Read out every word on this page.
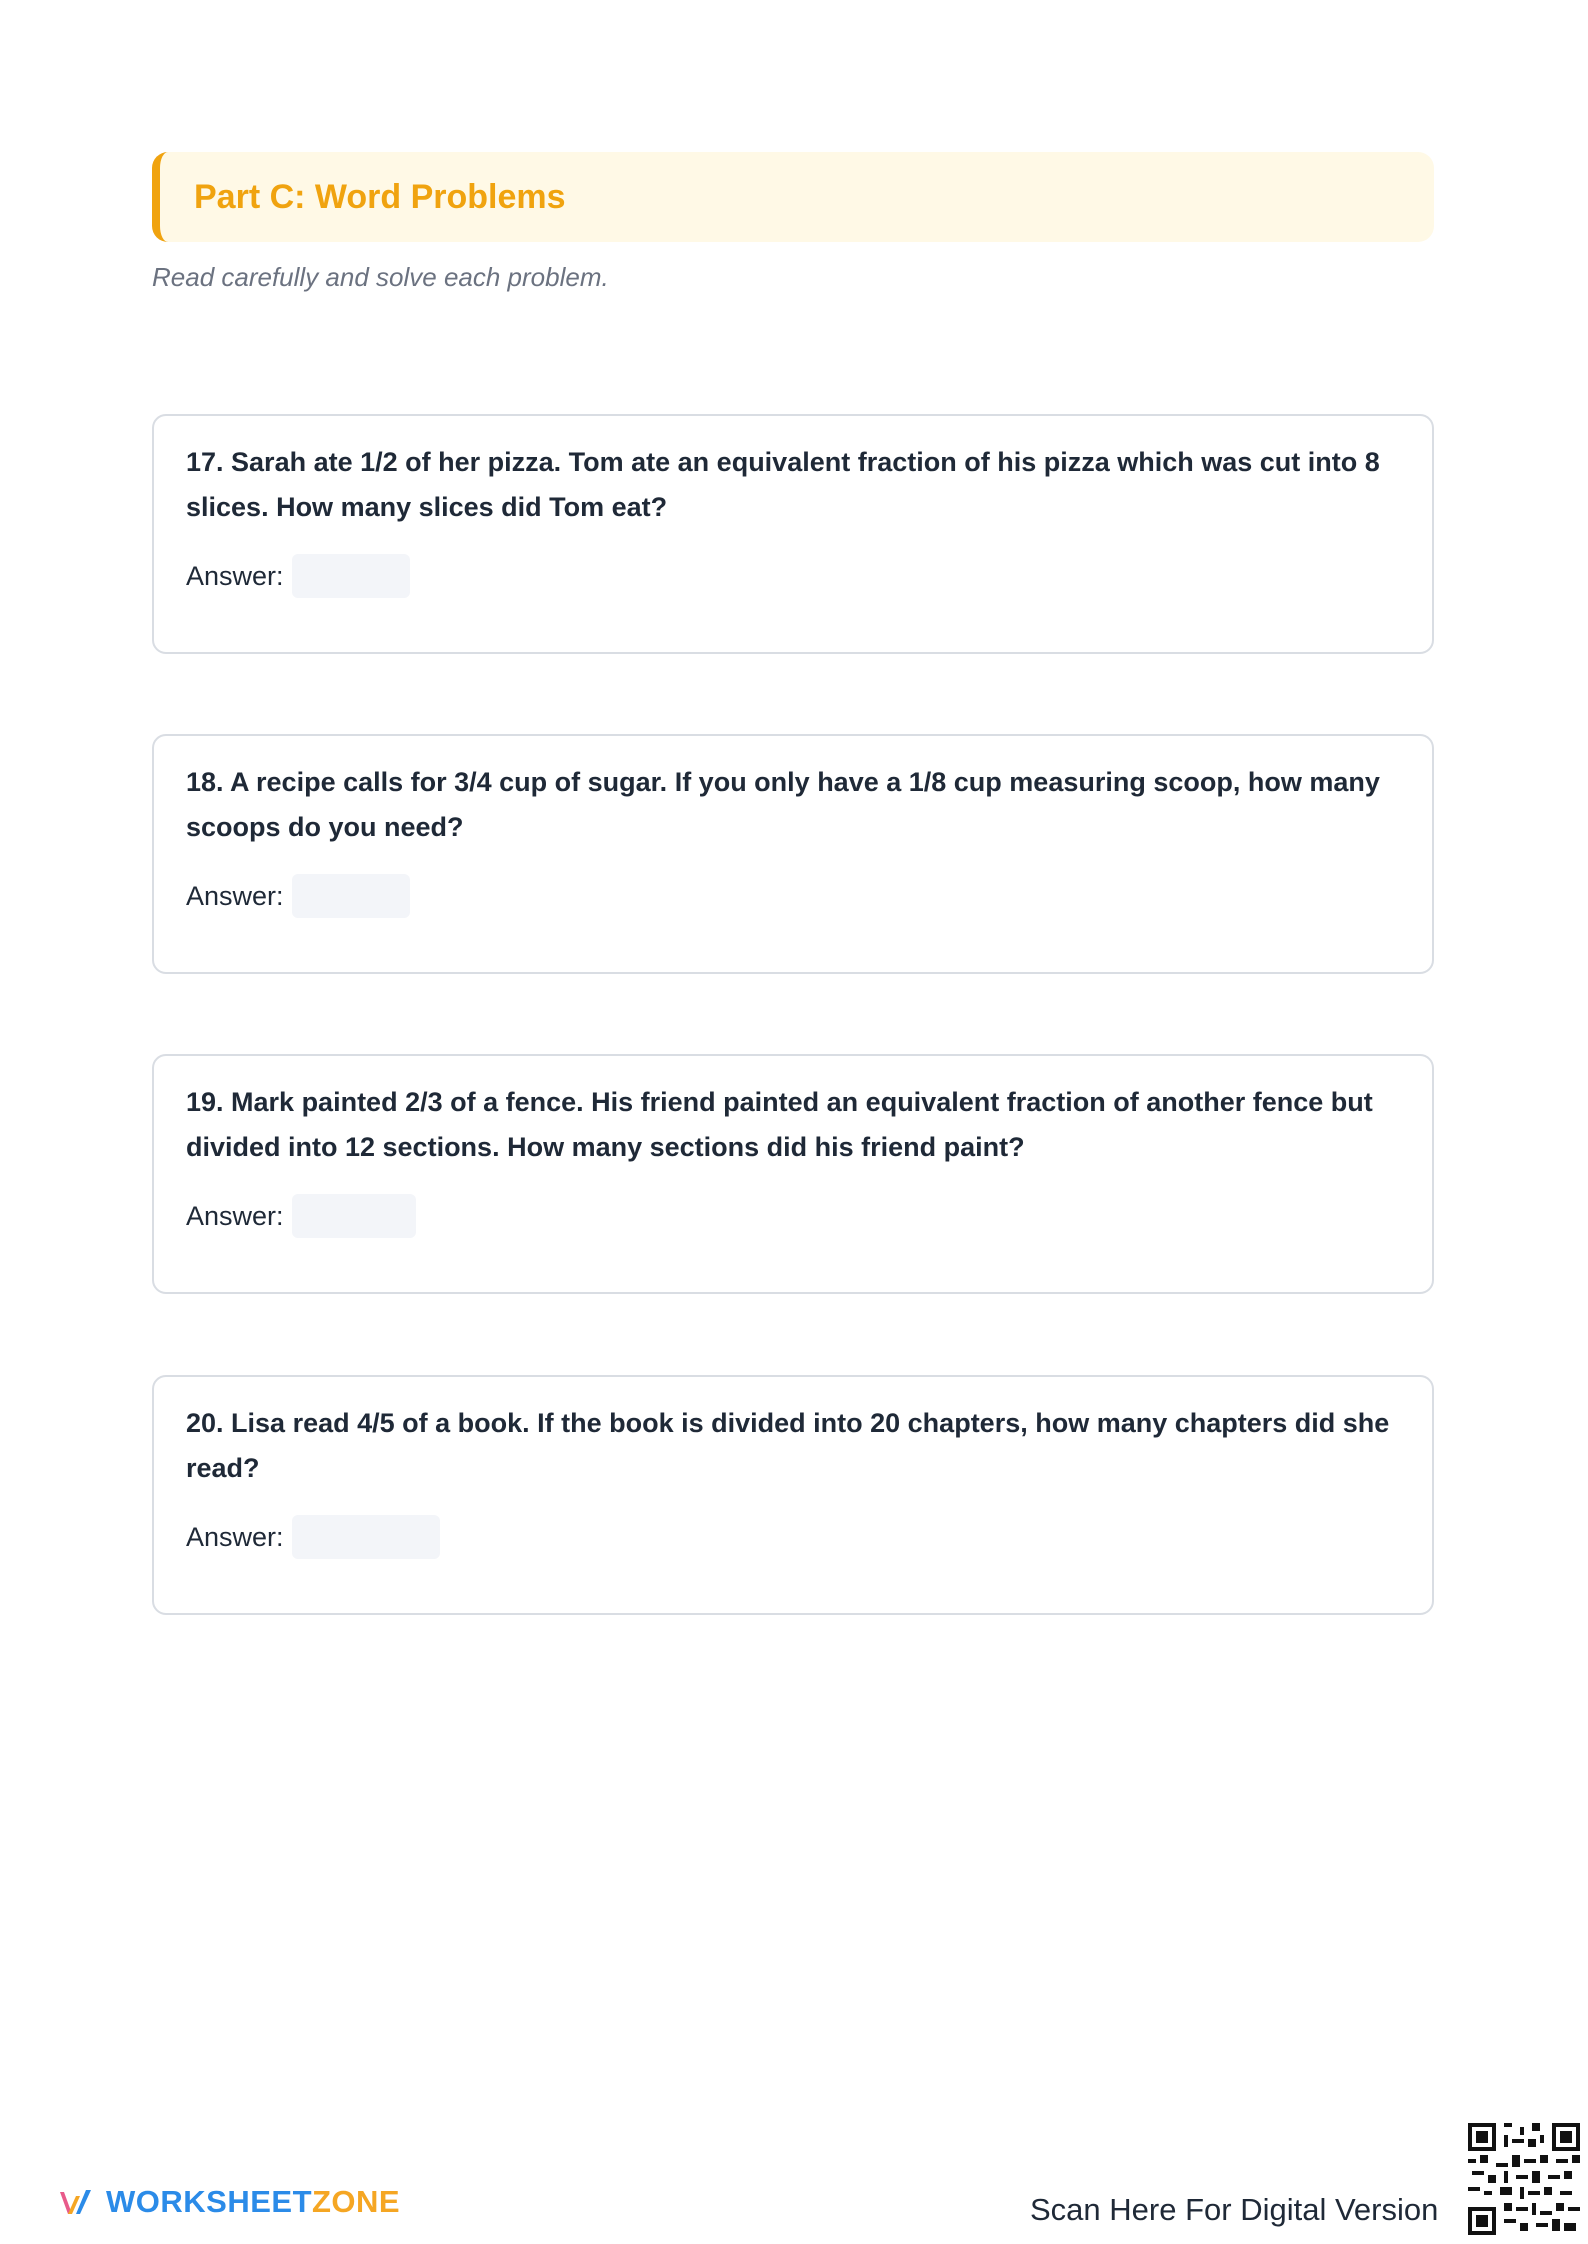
Part C: Word Problems
Read carefully and solve each problem.
17. Sarah ate 1/2 of her pizza. Tom ate an equivalent fraction of his pizza which was cut into 8 slices. How many slices did Tom eat?
Answer:
18. A recipe calls for 3/4 cup of sugar. If you only have a 1/8 cup measuring scoop, how many scoops do you need?
Answer:
19. Mark painted 2/3 of a fence. His friend painted an equivalent fraction of another fence but divided into 12 sections. How many sections did his friend paint?
Answer:
20. Lisa read 4/5 of a book. If the book is divided into 20 chapters, how many chapters did she read?
Answer:
WORKSHEETZONE	Scan Here For Digital Version
